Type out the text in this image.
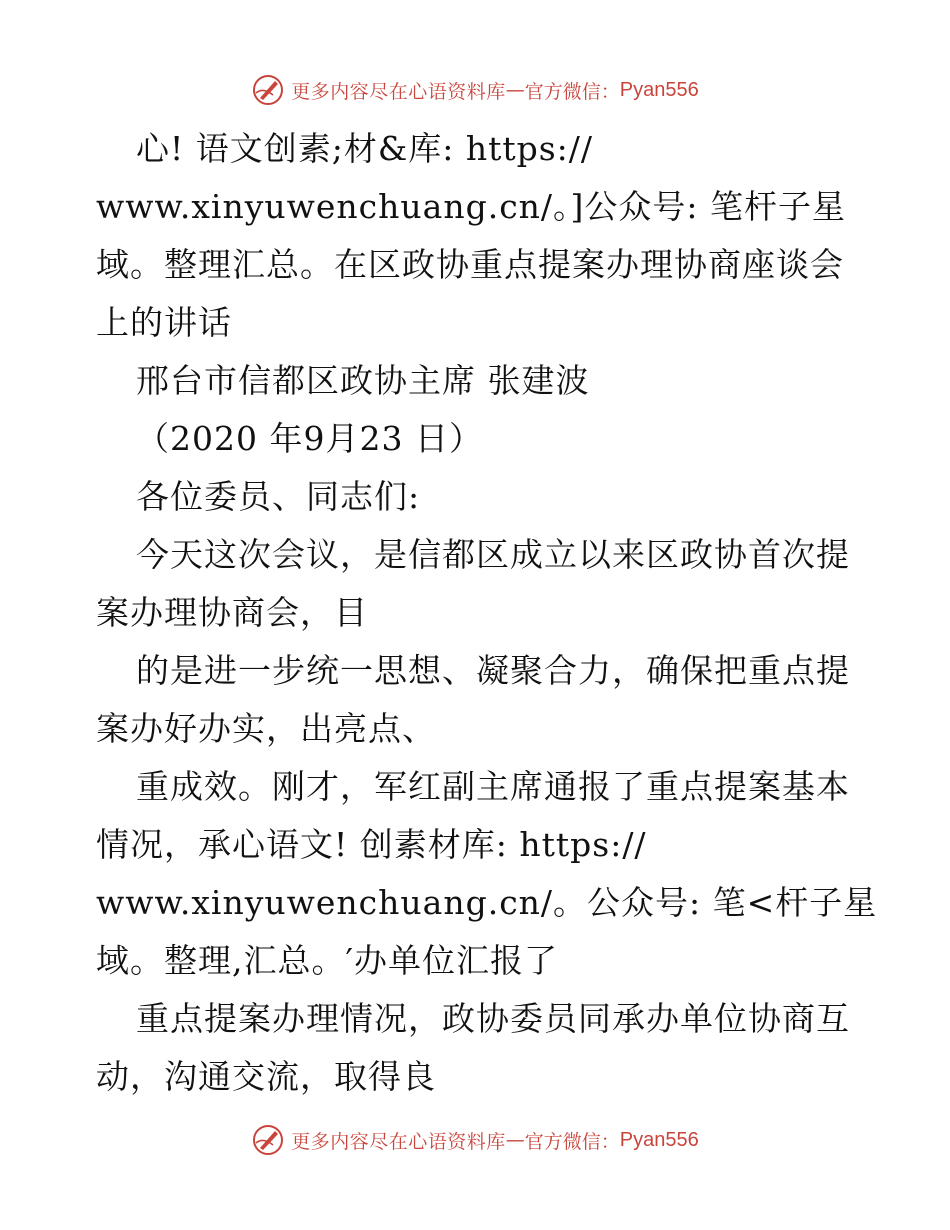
更多内容尽在心语资料库 — 官方微信： Pyan556
心! 语文创素;材&库: https://
www.xinyuwenchuang.cn/。]公众号: 笔杆子星
域。整理汇总。在区政协重点提案办理协商座谈会
上的讲话
邢台市信都区政协主席 张建波
（2020 年9月23 日）
各位委员、同志们:
今天这次会议，是信都区成立以来区政协首次提
案办理协商会，目
的是进一步统一思想、凝聚合力，确保把重点提
案办好办实，出亮点、
重成效。刚才，军红副主席通报了重点提案基本
情况，承心语文! 创素材库: https://
www.xinyuwenchuang.cn/。公众号: 笔<杆子星
域。整理,汇总。′办单位汇报了
重点提案办理情况，政协委员同承办单位协商互
动，沟通交流，取得良
更多内容尽在心语资料库 — 官方微信： Pyan556
